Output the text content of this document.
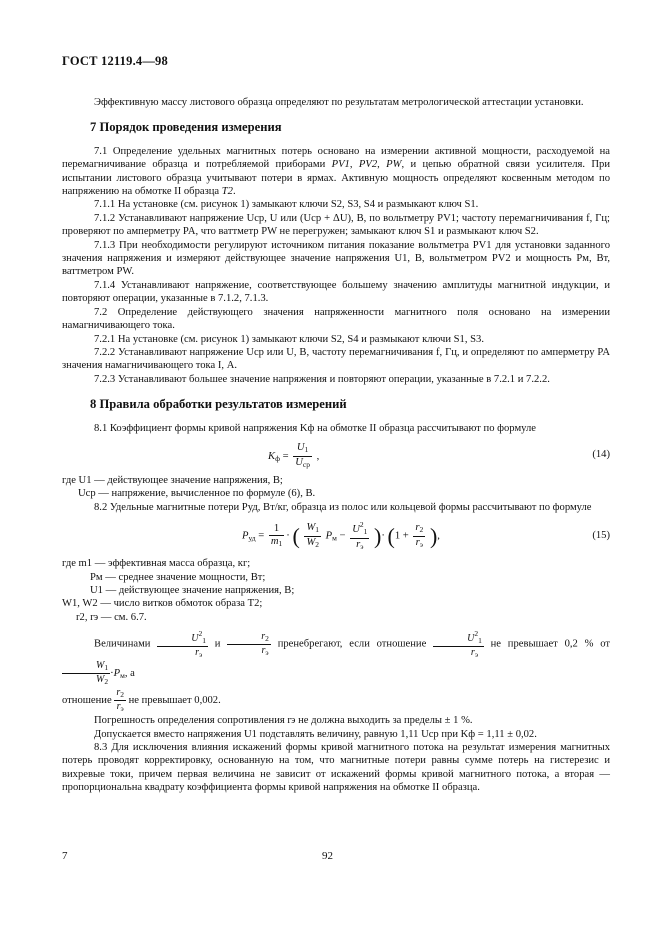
ГОСТ 12119.4—98

Эффективную массу листового образца определяют по результатам метрологической аттестации установки.

7 Порядок проведения измерения

7.1 Определение удельных магнитных потерь основано на измерении активной мощности, расходуемой на перемагничивание образца и потребляемой приборами PV1, PV2, PW, и цепью обратной связи усилителя. При испытании листового образца учитывают потери в ярмах. Активную мощность определяют косвенным методом по напряжению на обмотке II образца Т2.

7.1.1 На установке (см. рисунок 1) замыкают ключи S2, S3, S4 и размыкают ключ S1.

7.1.2 Устанавливают напряжение Uср, U или (Uср + ΔU), В, по вольтметру PV1; частоту перемагничивания f, Гц; проверяют по амперметру PA, что ваттметр PW не перегружен; замыкают ключ S1 и размыкают ключ S2.

7.1.3 При необходимости регулируют источником питания показание вольтметра PV1 для установки заданного значения напряжения и измеряют действующее значение напряжения U1, В, вольтметром PV2 и мощность Pм, Вт, ваттметром PW.

7.1.4 Устанавливают напряжение, соответствующее большему значению амплитуды магнитной индукции, и повторяют операции, указанные в 7.1.2, 7.1.3.

7.2 Определение действующего значения напряженности магнитного поля основано на измерении намагничивающего тока.

7.2.1 На установке (см. рисунок 1) замыкают ключи S2, S4 и размыкают ключи S1, S3.

7.2.2 Устанавливают напряжение Uср или U, В, частоту перемагничивания f, Гц, и определяют по амперметру PA значения намагничивающего тока I, А.

7.2.3 Устанавливают большее значение напряжения и повторяют операции, указанные в 7.2.1 и 7.2.2.

8 Правила обработки результатов измерений

8.1 Коэффициент формы кривой напряжения Kф на обмотке II образца рассчитывают по формуле

$K_ф = \frac{U_1}{U_{ср}}$ ,	(14)

где U1 — действующее значение напряжения, В;

Uср — напряжение, вычисленное по формуле (6), В.

8.2 Удельные магнитные потери Pуд, Вт/кг, образца из полос или кольцевой формы рассчитывают по формуле

$P_{уд} = \frac{1}{m_1}$ · ( $\frac{W_1}{W_2} P_м - \frac{U^2_1}{r_э}$ )· ($1 + \frac{r_2}{r_э}$ ),	(15)

где m1 — эффективная масса образца, кг;

Pм — среднее значение мощности, Вт;

U1 — действующее значение напряжения, В;

W1, W2 — число витков обмоток образа Т2;

r2, rэ — см. 6.7.

Величинами $\frac{U^2_1}{r_э}$ и $\frac{r_2}{r_э}$ пренебрегают, если отношение $\frac{U^2_1}{r_э}$ не превышает 0,2 % от
$\frac{W_1}{W_2} \cdot P_м$, а

отношение $\frac{r_2}{r_э}$ не превышает 0,002.

Погрешность определения сопротивления rэ не должна выходить за пределы ± 1 %.

Допускается вместо напряжения U1 подставлять величину, равную 1,11 Uср при Kф = 1,11 ± 0,02.

8.3 Для исключения влияния искажений формы кривой магнитного потока на результат измерения магнитных потерь проводят корректировку, основанную на том, что магнитные потери равны сумме потерь на гистерезис и вихревые токи, причем первая величина не зависит от искажений формы кривой магнитного потока, а вторая — пропорциональна квадрату коэффициента формы кривой напряжения на обмотке II образца.

7	92
